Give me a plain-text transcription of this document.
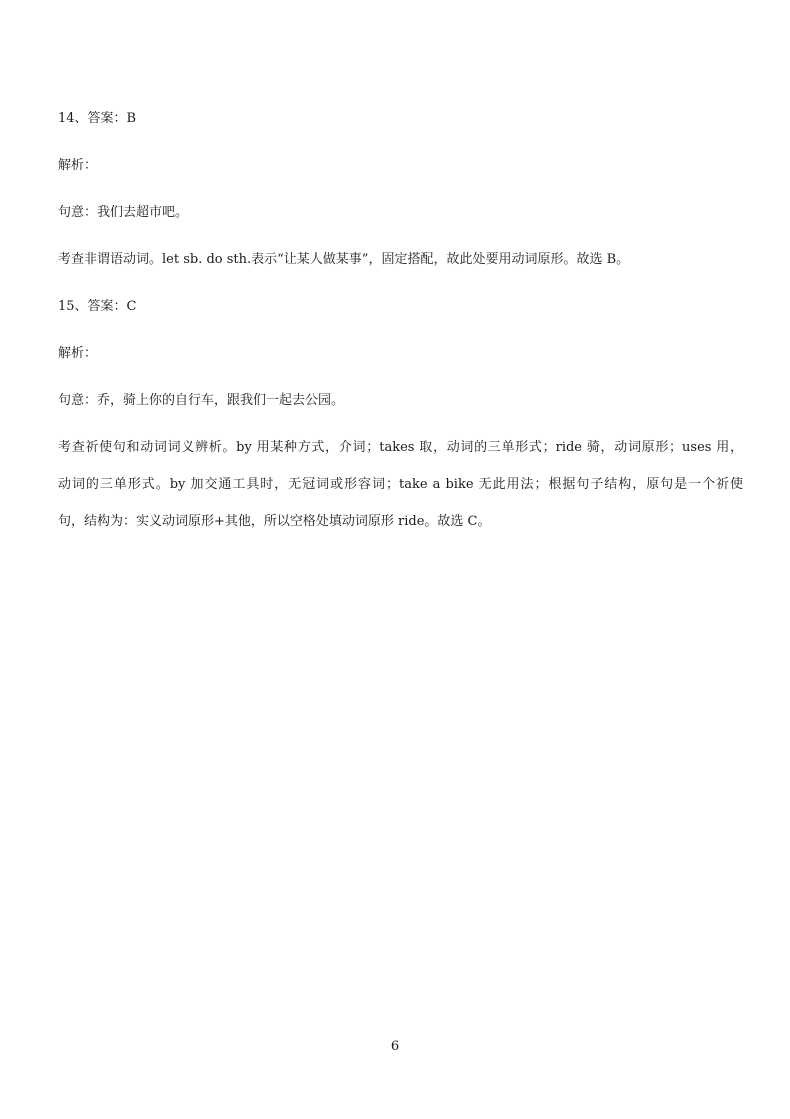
14、答案：B
解析：
句意：我们去超市吧。
考查非谓语动词。let sb. do sth.表示“让某人做某事”，固定搭配，故此处要用动词原形。故选 B。
15、答案：C
解析：
句意：乔，骑上你的自行车，跟我们一起去公园。
考查祈使句和动词词义辨析。by 用某种方式，介词；takes 取，动词的三单形式；ride 骑，动词原形；uses 用，
动词的三单形式。by 加交通工具时，无冠词或形容词；take a bike 无此用法；根据句子结构，原句是一个祈使
句，结构为：实义动词原形+其他，所以空格处填动词原形 ride。故选 C。
6
